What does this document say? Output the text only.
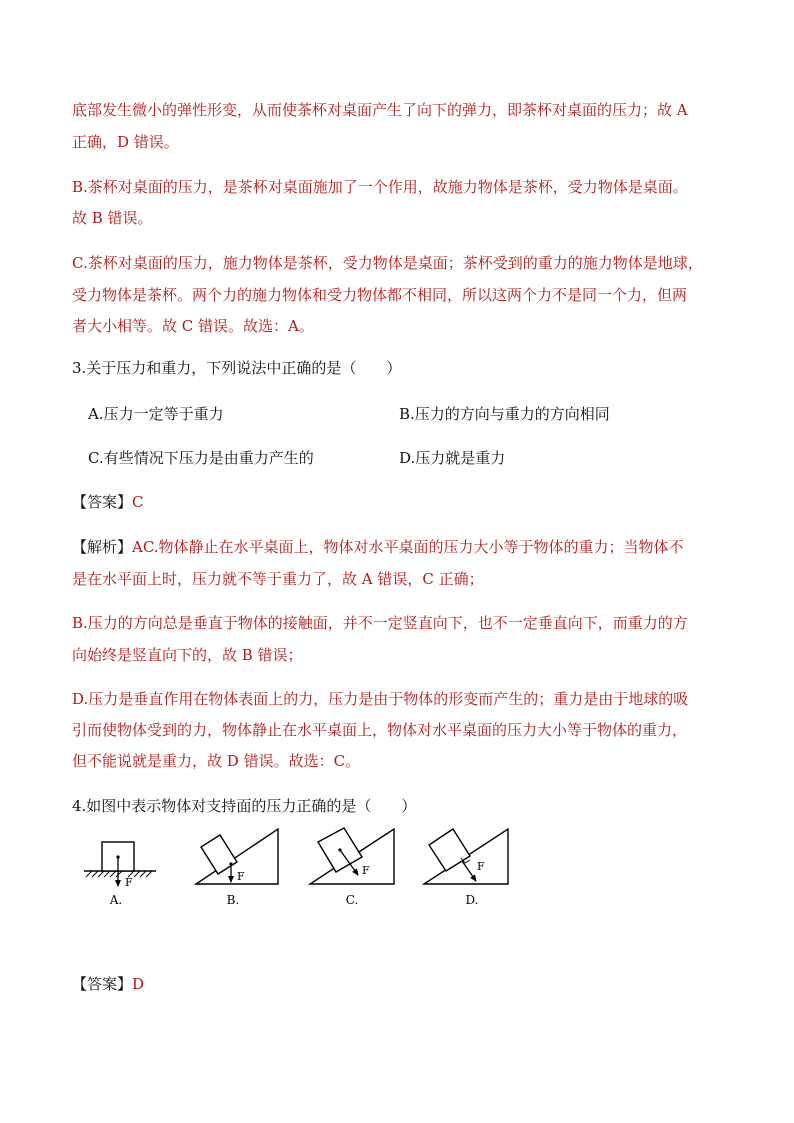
底部发生微小的弹性形变，从而使茶杯对桌面产生了向下的弹力，即茶杯对桌面的压力；故 A
正确，D 错误。
B.茶杯对桌面的压力，是茶杯对桌面施加了一个作用，故施力物体是茶杯，受力物体是桌面。
故 B 错误。
C.茶杯对桌面的压力，施力物体是茶杯，受力物体是桌面；茶杯受到的重力的施力物体是地球，
受力物体是茶杯。两个力的施力物体和受力物体都不相同，所以这两个力不是同一个力，但两
者大小相等。故 C 错误。故选：A。
3.关于压力和重力，下列说法中正确的是（　　）
A.压力一定等于重力	B.压力的方向与重力的方向相同
C.有些情况下压力是由重力产生的	D.压力就是重力
【答案】C
【解析】AC.物体静止在水平桌面上，物体对水平桌面的压力大小等于物体的重力；当物体不
是在水平面上时，压力就不等于重力了，故 A 错误，C 正确；
B.压力的方向总是垂直于物体的接触面，并不一定竖直向下，也不一定垂直向下，而重力的方
向始终是竖直向下的，故 B 错误；
D.压力是垂直作用在物体表面上的力，压力是由于物体的形变而产生的；重力是由于地球的吸
引而使物体受到的力，物体静止在水平桌面上，物体对水平桌面的压力大小等于物体的重力，
但不能说就是重力，故 D 错误。故选：C。
4.如图中表示物体对支持面的压力正确的是（　　）
F
A.
F
B.
F
C.
F
D.
【答案】D
